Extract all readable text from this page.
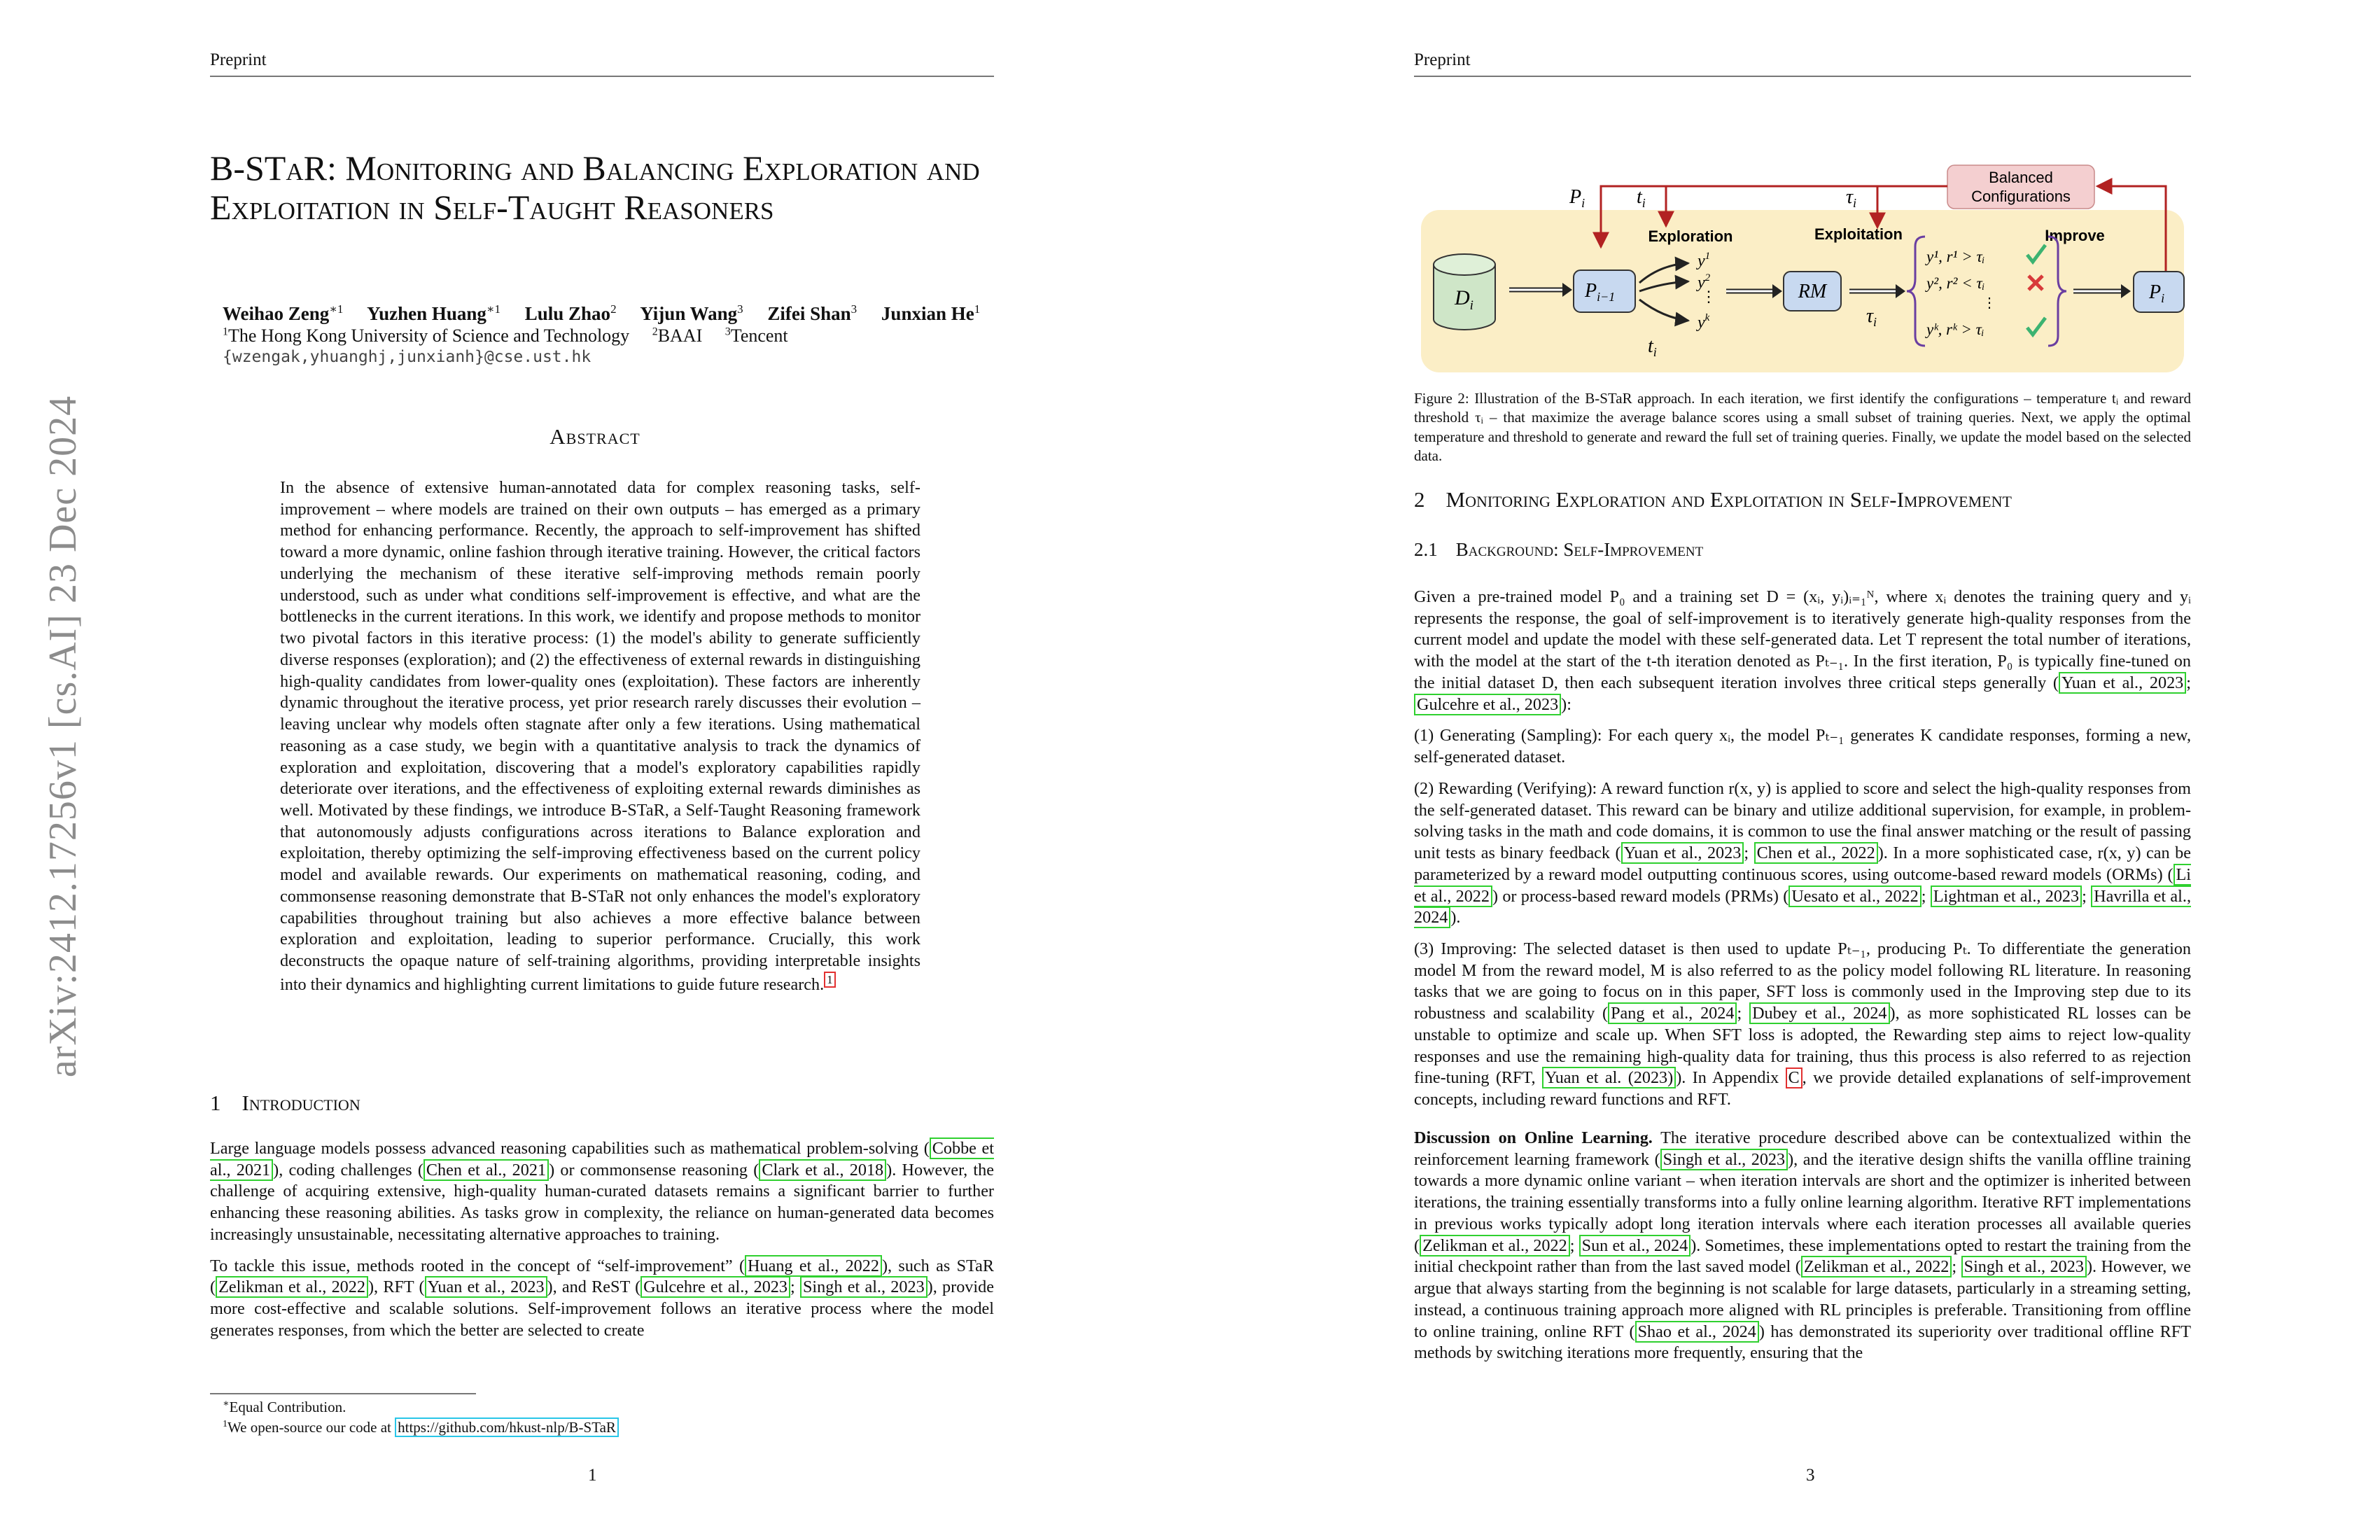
arXiv:2412.17256v1 [cs.AI] 23 Dec 2024
Preprint
B-STaR: Monitoring and Balancing Exploration and Exploitation in Self-Taught Reasoners
Weihao Zeng$^{∗1}$ Yuzhen Huang$^{∗1}$ Lulu Zhao$^2$ Yijun Wang$^3$ Zifei Shan$^3$ Junxian He$^1$
$^1$The Hong Kong University of Science and Technology $^2$BAAI $^3$Tencent
{wzengak,yhuanghj,junxianh}@cse.ust.hk
Abstract
In the absence of extensive human-annotated data for complex reasoning tasks, self-improvement – where models are trained on their own outputs – has emerged as a primary method for enhancing performance. Recently, the approach to self-improvement has shifted toward a more dynamic, online fashion through iterative training. However, the critical factors underlying the mechanism of these iterative self-improving methods remain poorly understood, such as under what conditions self-improvement is effective, and what are the bottlenecks in the current iterations. In this work, we identify and propose methods to monitor two pivotal factors in this iterative process: (1) the model's ability to generate sufficiently diverse responses (exploration); and (2) the effectiveness of external rewards in distinguishing high-quality candidates from lower-quality ones (exploitation). These factors are inherently dynamic throughout the iterative process, yet prior research rarely discusses their evolution – leaving unclear why models often stagnate after only a few iterations. Using mathematical reasoning as a case study, we begin with a quantitative analysis to track the dynamics of exploration and exploitation, discovering that a model's exploratory capabilities rapidly deteriorate over iterations, and the effectiveness of exploiting external rewards diminishes as well. Motivated by these findings, we introduce B-STaR, a Self-Taught Reasoning framework that autonomously adjusts configurations across iterations to Balance exploration and exploitation, thereby optimizing the self-improving effectiveness based on the current policy model and available rewards. Our experiments on mathematical reasoning, coding, and commonsense reasoning demonstrate that B-STaR not only enhances the model's exploratory capabilities throughout training but also achieves a more effective balance between exploration and exploitation, leading to superior performance. Crucially, this work deconstructs the opaque nature of self-training algorithms, providing interpretable insights into their dynamics and highlighting current limitations to guide future research. $^1$
1 Introduction

Large language models possess advanced reasoning capabilities such as mathematical problem-solving ( Cobbe et al., 2021 ), coding challenges ( Chen et al., 2021 ) or commonsense reasoning ( Clark et al., 2018 ). However, the challenge of acquiring extensive, high-quality human-curated datasets remains a significant barrier to further enhancing these reasoning abilities. As tasks grow in complexity, the reliance on human-generated data becomes increasingly unsustainable, necessitating alternative approaches to training.

To tackle this issue, methods rooted in the concept of “self-improvement” ( Huang et al., 2022 ), such as STaR ( Zelikman et al., 2022 ), RFT ( Yuan et al., 2023 ), and ReST ( Gulcehre et al., 2023 ; Singh et al., 2023 ), provide more cost-effective and scalable solutions. Self-improvement follows an iterative process where the model generates responses, from which the better are selected to create

∗Equal Contribution.
$^1$We open-source our code at https://github.com/hkust-nlp/B-STaR
1
Preprint
Balanced
Configurations
$P_i$	$t_i$	$\tau_i$
Exploration	Exploitation	Improve
$D_i$
$P_{i-1}$
$y^1$
$y^2$
⋮
$y^k$
$t_i$
RM
$\tau_i$
y¹, r¹ > τᵢ
y², r² < τᵢ
⋮
yᵏ, rᵏ > τᵢ
$P_i$
Figure 2: Illustration of the B-STaR approach. In each iteration, we first identify the configurations – temperature tᵢ and reward threshold τᵢ – that maximize the average balance scores using a small subset of training queries. Next, we apply the optimal temperature and threshold to generate and reward the full set of training queries. Finally, we update the model based on the selected data.
2 Monitoring Exploration and Exploitation in Self-Improvement
2.1 Background: Self-Improvement

Given a pre-trained model P₀ and a training set D = (xᵢ, yᵢ)ᵢ₌₁ᴺ, where xᵢ denotes the training query and yᵢ represents the response, the goal of self-improvement is to iteratively generate high-quality responses from the current model and update the model with these self-generated data. Let T represent the total number of iterations, with the model at the start of the t-th iteration denoted as Pₜ₋₁. In the first iteration, P₀ is typically fine-tuned on the initial dataset D, then each subsequent iteration involves three critical steps generally ( Yuan et al., 2023 ; Gulcehre et al., 2023 ):

(1) Generating (Sampling): For each query xᵢ, the model Pₜ₋₁ generates K candidate responses, forming a new, self-generated dataset.

(2) Rewarding (Verifying): A reward function r(x, y) is applied to score and select the high-quality responses from the self-generated dataset. This reward can be binary and utilize additional supervision, for example, in problem-solving tasks in the math and code domains, it is common to use the final answer matching or the result of passing unit tests as binary feedback ( Yuan et al., 2023 ; Chen et al., 2022 ). In a more sophisticated case, r(x, y) can be parameterized by a reward model outputting continuous scores, using outcome-based reward models (ORMs) ( Li et al., 2022 ) or process-based reward models (PRMs) ( Uesato et al., 2022 ; Lightman et al., 2023 ; Havrilla et al., 2024 ).

(3) Improving: The selected dataset is then used to update Pₜ₋₁, producing Pₜ. To differentiate the generation model M from the reward model, M is also referred to as the policy model following RL literature. In reasoning tasks that we are going to focus on in this paper, SFT loss is commonly used in the Improving step due to its robustness and scalability ( Pang et al., 2024 ; Dubey et al., 2024 ), as more sophisticated RL losses can be unstable to optimize and scale up. When SFT loss is adopted, the Rewarding step aims to reject low-quality responses and use the remaining high-quality data for training, thus this process is also referred to as rejection fine-tuning (RFT, Yuan et al. (2023) ). In Appendix C , we provide detailed explanations of self-improvement concepts, including reward functions and RFT.

Discussion on Online Learning. The iterative procedure described above can be contextualized within the reinforcement learning framework ( Singh et al., 2023 ), and the iterative design shifts the vanilla offline training towards a more dynamic online variant – when iteration intervals are short and the optimizer is inherited between iterations, the training essentially transforms into a fully online learning algorithm. Iterative RFT implementations in previous works typically adopt long iteration intervals where each iteration processes all available queries ( Zelikman et al., 2022 ; Sun et al., 2024 ). Sometimes, these implementations opted to restart the training from the initial checkpoint rather than from the last saved model ( Zelikman et al., 2022 ; Singh et al., 2023 ). However, we argue that always starting from the beginning is not scalable for large datasets, particularly in a streaming setting, instead, a continuous training approach more aligned with RL principles is preferable. Transitioning from offline to online training, online RFT ( Shao et al., 2024 ) has demonstrated its superiority over traditional offline RFT methods by switching iterations more frequently, ensuring that the

3
